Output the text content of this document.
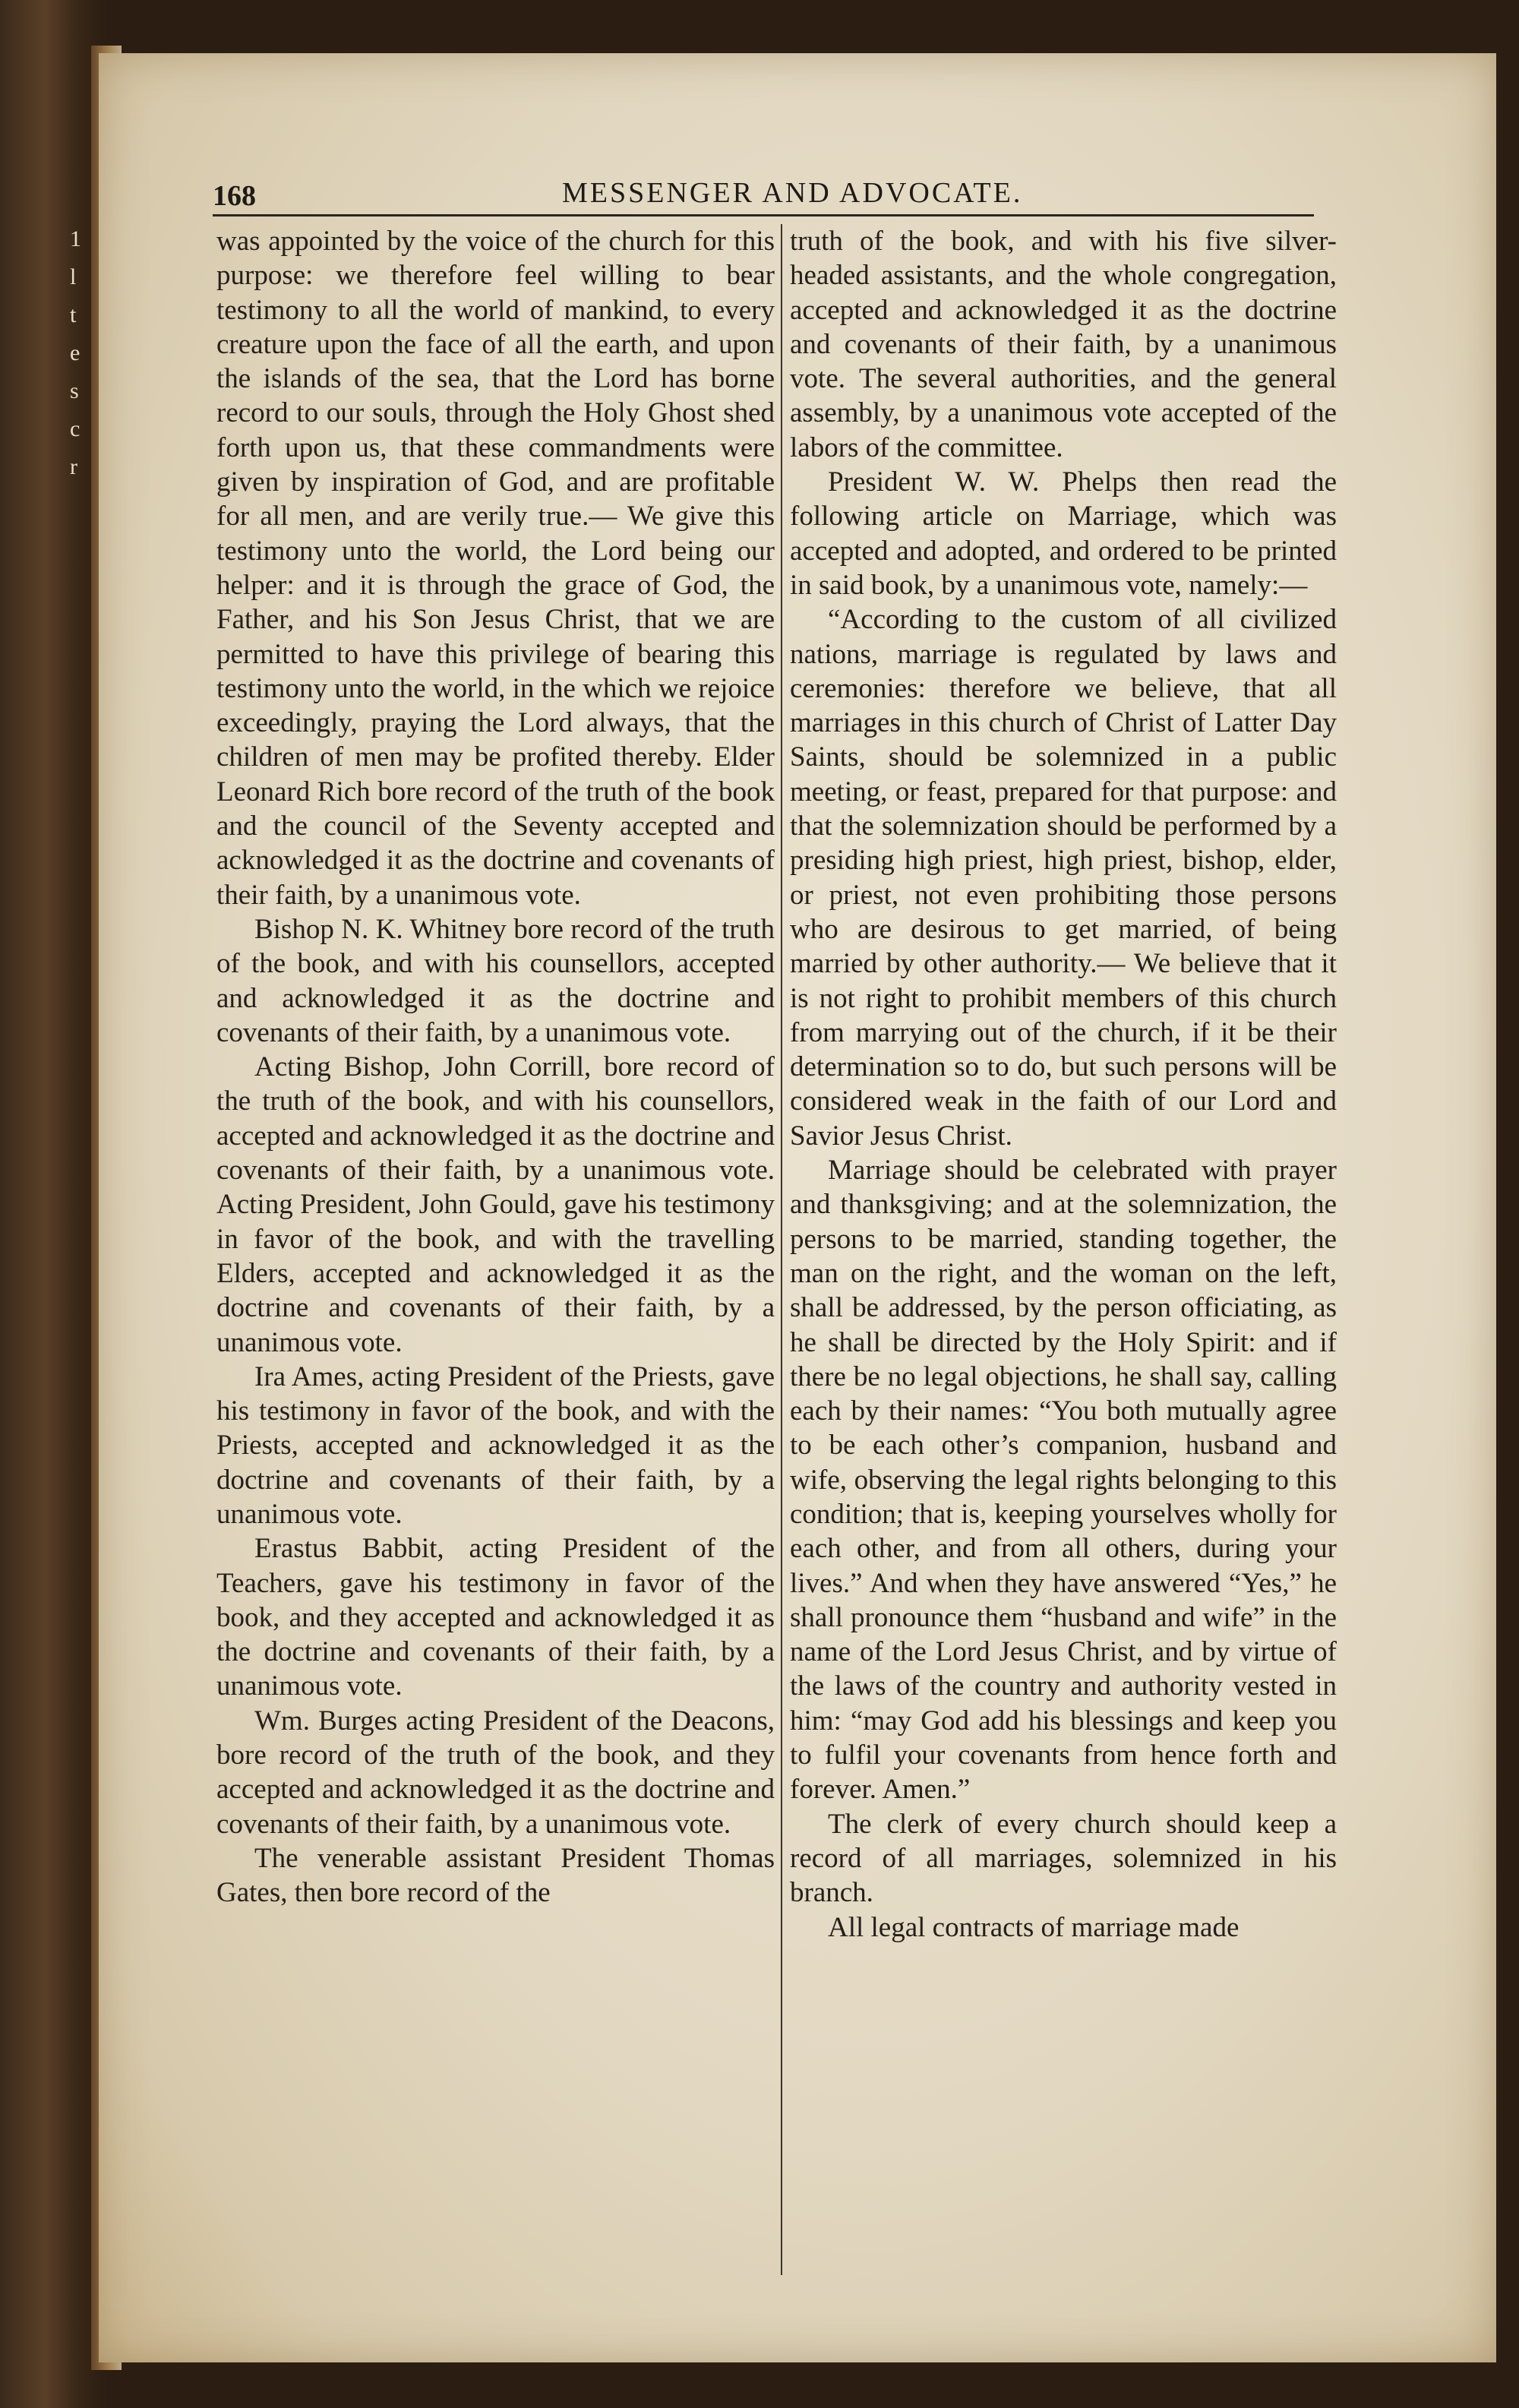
1
l
t
e
s
c
r
168	MESSENGER AND ADVOCATE.

was appointed by the voice of the church for this purpose: we therefore feel willing to bear testimony to all the world of mankind, to every creature upon the face of all the earth, and upon the islands of the sea, that the Lord has borne record to our souls, through the Holy Ghost shed forth upon us, that these commandments were given by inspiration of God, and are profitable for all men, and are verily true.— We give this testimony unto the world, the Lord being our helper: and it is through the grace of God, the Father, and his Son Jesus Christ, that we are permitted to have this privilege of bearing this testimony unto the world, in the which we rejoice exceedingly, praying the Lord always, that the children of men may be profited thereby. Elder Leonard Rich bore record of the truth of the book and the council of the Seventy accepted and acknowledged it as the doctrine and covenants of their faith, by a unanimous vote.

Bishop N. K. Whitney bore record of the truth of the book, and with his counsellors, accepted and acknowledged it as the doctrine and covenants of their faith, by a unanimous vote.

Acting Bishop, John Corrill, bore record of the truth of the book, and with his counsellors, accepted and acknowledged it as the doctrine and covenants of their faith, by a unanimous vote. Acting President, John Gould, gave his testimony in favor of the book, and with the travelling Elders, accepted and acknowledged it as the doctrine and covenants of their faith, by a unanimous vote.

Ira Ames, acting President of the Priests, gave his testimony in favor of the book, and with the Priests, accepted and acknowledged it as the doctrine and covenants of their faith, by a unanimous vote.

Erastus Babbit, acting President of the Teachers, gave his testimony in favor of the book, and they accepted and acknowledged it as the doctrine and covenants of their faith, by a unanimous vote.

Wm. Burges acting President of the Deacons, bore record of the truth of the book, and they accepted and acknowledged it as the doctrine and covenants of their faith, by a unanimous vote.

The venerable assistant President Thomas Gates, then bore record of the

truth of the book, and with his five silver-headed assistants, and the whole congregation, accepted and acknowledged it as the doctrine and covenants of their faith, by a unanimous vote. The several authorities, and the general assembly, by a unanimous vote accepted of the labors of the committee.

President W. W. Phelps then read the following article on Marriage, which was accepted and adopted, and ordered to be printed in said book, by a unanimous vote, namely:—

“According to the custom of all civilized nations, marriage is regulated by laws and ceremonies: therefore we believe, that all marriages in this church of Christ of Latter Day Saints, should be solemnized in a public meeting, or feast, prepared for that purpose: and that the solemnization should be performed by a presiding high priest, high priest, bishop, elder, or priest, not even prohibiting those persons who are desirous to get married, of being married by other authority.— We believe that it is not right to prohibit members of this church from marrying out of the church, if it be their determination so to do, but such persons will be considered weak in the faith of our Lord and Savior Jesus Christ.

Marriage should be celebrated with prayer and thanksgiving; and at the solemnization, the persons to be married, standing together, the man on the right, and the woman on the left, shall be addressed, by the person officiating, as he shall be directed by the Holy Spirit: and if there be no legal objections, he shall say, calling each by their names: “You both mutually agree to be each other’s companion, husband and wife, observing the legal rights belonging to this condition; that is, keeping yourselves wholly for each other, and from all others, during your lives.” And when they have answered “Yes,” he shall pronounce them “husband and wife” in the name of the Lord Jesus Christ, and by virtue of the laws of the country and authority vested in him: “may God add his blessings and keep you to fulfil your covenants from hence forth and forever. Amen.”

The clerk of every church should keep a record of all marriages, solemnized in his branch.

All legal contracts of marriage made
